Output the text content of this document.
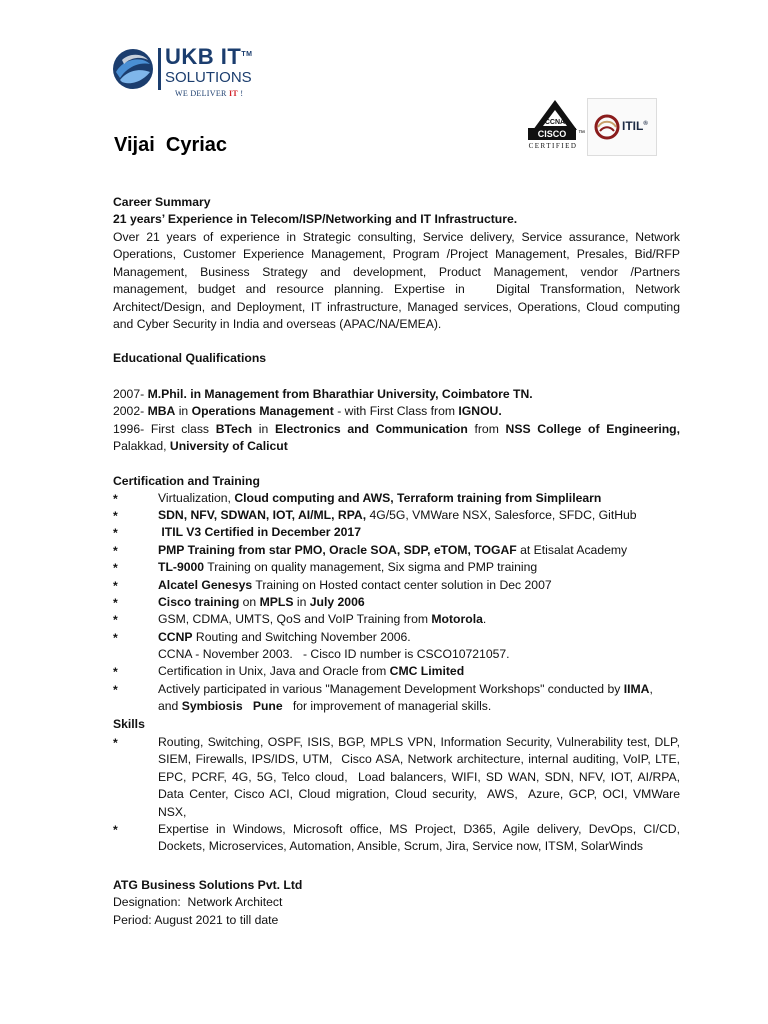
UKB IT™
SOLUTIONS
WE DELIVER IT !
CCNA
CISCO	™
CERTIFIED
ITIL®
Vijai  Cyriac
Career Summary
21 years’ Experience in Telecom/ISP/Networking and IT Infrastructure.
Over 21 years of experience in Strategic consulting, Service delivery, Service assurance, Network Operations, Customer Experience Management, Program /Project Management, Presales, Bid/RFP Management, Business Strategy and development, Product Management, vendor /Partners management, budget and resource planning. Expertise in   Digital Transformation, Network Architect/Design, and Deployment, IT infrastructure, Managed services, Operations, Cloud computing and Cyber Security in India and overseas (APAC/NA/EMEA).
Educational Qualifications
2007- M.Phil. in Management from Bharathiar University, Coimbatore TN.
2002- MBA in Operations Management - with First Class from IGNOU.
1996- First class BTech in Electronics and Communication from NSS College of Engineering, Palakkad, University of Calicut
Certification and Training
*	Virtualization, Cloud computing and AWS, Terraform training from Simplilearn
*	SDN, NFV, SDWAN, IOT, AI/ML, RPA, 4G/5G, VMWare NSX, Salesforce, SFDC, GitHub
*	ITIL V3 Certified in December 2017
*	PMP Training from star PMO, Oracle SOA, SDP, eTOM, TOGAF at Etisalat Academy
*	TL-9000 Training on quality management, Six sigma and PMP training
*	Alcatel Genesys Training on Hosted contact center solution in Dec 2007
*	Cisco training on MPLS in July 2006
*	GSM, CDMA, UMTS, QoS and VoIP Training from Motorola.
*	CCNP Routing and Switching November 2006.
CCNA - November 2003.   - Cisco ID number is CSCO10721057.
*	Certification in Unix, Java and Oracle from CMC Limited
*	Actively participated in various "Management Development Workshops" conducted by IIMA,
and Symbiosis   Pune   for improvement of managerial skills.
Skills
*	Routing, Switching, OSPF, ISIS, BGP, MPLS VPN, Information Security, Vulnerability test, DLP, SIEM, Firewalls, IPS/IDS, UTM,  Cisco ASA, Network architecture, internal auditing, VoIP, LTE,  EPC, PCRF, 4G, 5G, Telco cloud,  Load balancers, WIFI, SD WAN, SDN, NFV, IOT, AI/RPA, Data Center, Cisco ACI, Cloud migration, Cloud security,  AWS,  Azure, GCP, OCI, VMWare NSX,
*	Expertise in Windows, Microsoft office, MS Project, D365, Agile delivery, DevOps, CI/CD, Dockets, Microservices, Automation, Ansible, Scrum, Jira, Service now, ITSM, SolarWinds
ATG Business Solutions Pvt. Ltd
Designation:  Network Architect
Period: August 2021 to till date
